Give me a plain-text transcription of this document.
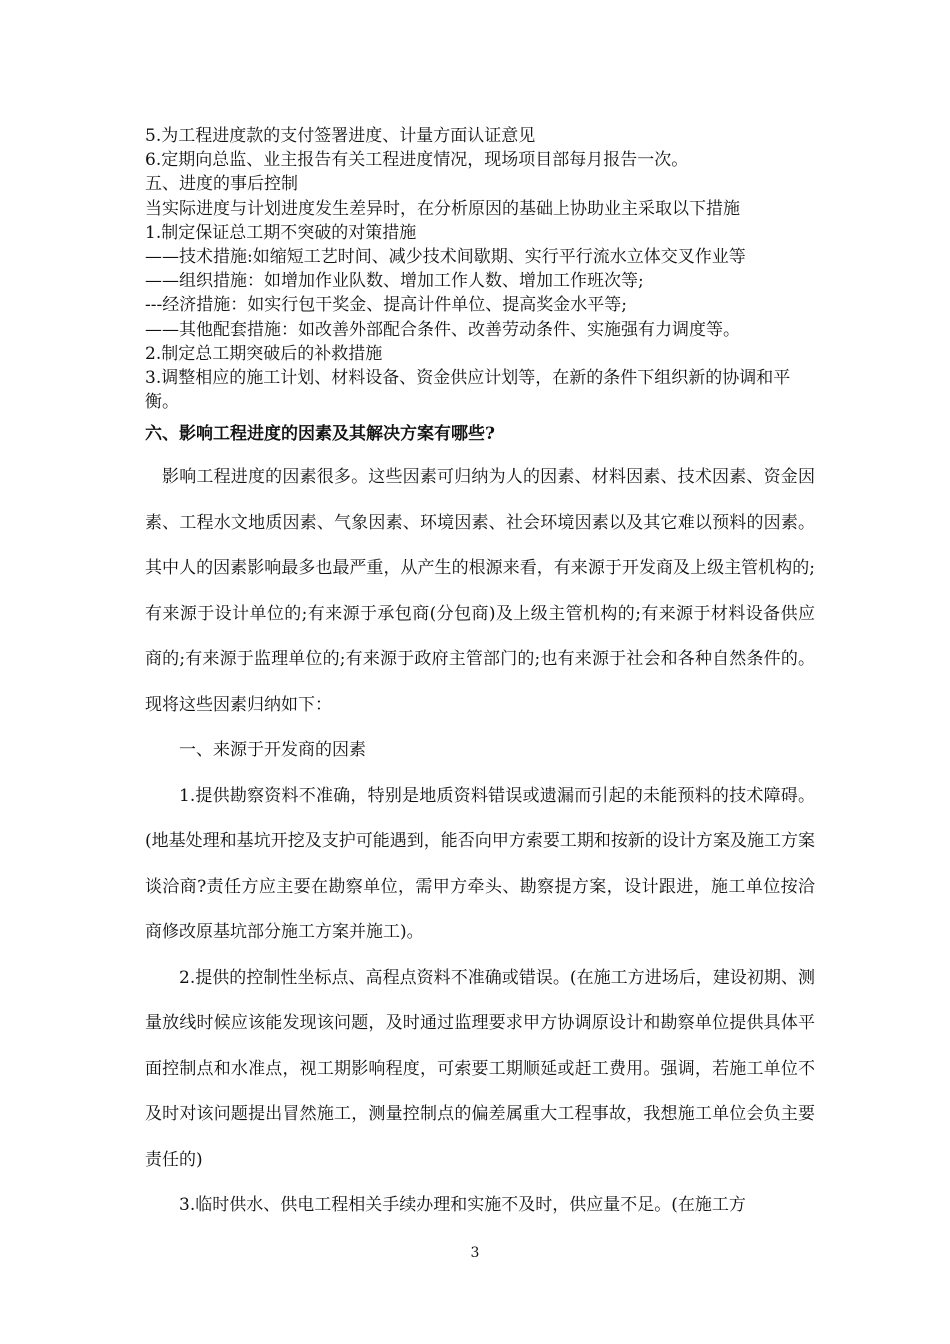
5.为工程进度款的支付签署进度、计量方面认证意见

6.定期向总监、业主报告有关工程进度情况，现场项目部每月报告一次。

五、进度的事后控制

当实际进度与计划进度发生差异时，在分析原因的基础上协助业主采取以下措施

1.制定保证总工期不突破的对策措施

——技术措施:如缩短工艺时间、减少技术间歇期、实行平行流水立体交叉作业等

——组织措施：如增加作业队数、增加工作人数、增加工作班次等;

---经济措施：如实行包干奖金、提高计件单位、提高奖金水平等;

——其他配套措施：如改善外部配合条件、改善劳动条件、实施强有力调度等。

2.制定总工期突破后的补救措施

3.调整相应的施工计划、材料设备、资金供应计划等，在新的条件下组织新的协调和平衡。

六、影响工程进度的因素及其解决方案有哪些?

影响工程进度的因素很多。这些因素可归纳为人的因素、材料因素、技术因素、资金因素、工程水文地质因素、气象因素、环境因素、社会环境因素以及其它难以预料的因素。其中人的因素影响最多也最严重，从产生的根源来看，有来源于开发商及上级主管机构的;有来源于设计单位的;有来源于承包商(分包商)及上级主管机构的;有来源于材料设备供应商的;有来源于监理单位的;有来源于政府主管部门的;也有来源于社会和各种自然条件的。现将这些因素归纳如下：

一、来源于开发商的因素

1.提供勘察资料不准确，特别是地质资料错误或遗漏而引起的未能预料的技术障碍。(地基处理和基坑开挖及支护可能遇到，能否向甲方索要工期和按新的设计方案及施工方案谈洽商?责任方应主要在勘察单位，需甲方牵头、勘察提方案，设计跟进，施工单位按洽商修改原基坑部分施工方案并施工)。

2.提供的控制性坐标点、高程点资料不准确或错误。(在施工方进场后，建设初期、测量放线时候应该能发现该问题，及时通过监理要求甲方协调原设计和勘察单位提供具体平面控制点和水准点，视工期影响程度，可索要工期顺延或赶工费用。强调，若施工单位不及时对该问题提出冒然施工，测量控制点的偏差属重大工程事故，我想施工单位会负主要责任的)

3.临时供水、供电工程相关手续办理和实施不及时，供应量不足。(在施工方

3
